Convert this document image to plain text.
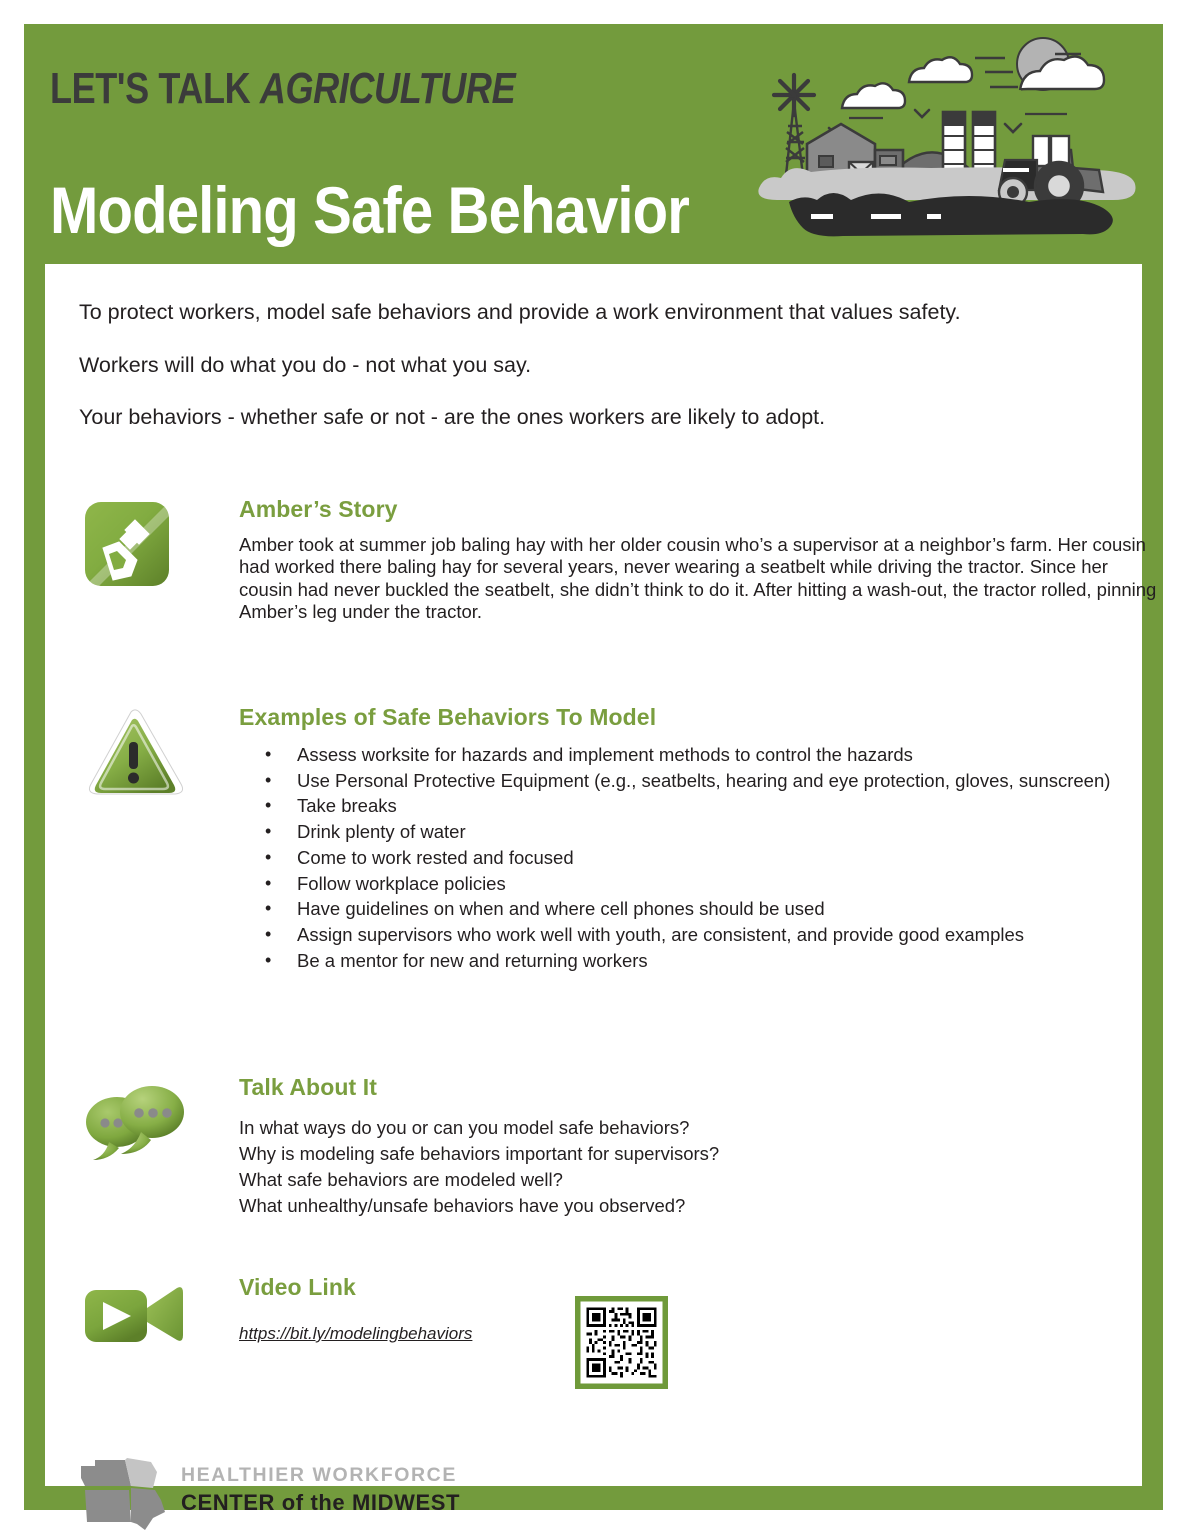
LET'S TALK AGRICULTURE
Modeling Safe Behavior

To protect workers, model safe behaviors and provide a work environment that values safety.

Workers will do what you do - not what you say.

Your behaviors - whether safe or not - are the ones workers are likely to adopt.

Amber’s Story

Amber took at summer job baling hay with her older cousin who’s a supervisor at a neighbor’s farm. Her cousin had worked there baling hay for several years, never wearing a seatbelt while driving the tractor. Since her cousin had never buckled the seatbelt, she didn’t think to do it. After hitting a wash-out, the tractor rolled, pinning Amber’s leg under the tractor.

Examples of Safe Behaviors To Model
• Assess worksite for hazards and implement methods to control the hazards
• Use Personal Protective Equipment (e.g., seatbelts, hearing and eye protection, gloves, sunscreen)
• Take breaks
• Drink plenty of water
• Come to work rested and focused
• Follow workplace policies
• Have guidelines on when and where cell phones should be used
• Assign supervisors who work well with youth, are consistent, and provide good examples
• Be a mentor for new and returning workers
Talk About It

In what ways do you or can you model safe behaviors?
Why is modeling safe behaviors important for supervisors?
What safe behaviors are modeled well?
What unhealthy/unsafe behaviors have you observed?

Video Link
https://bit.ly/modelingbehaviors
HEALTHIER WORKFORCE
CENTER of the MIDWEST
